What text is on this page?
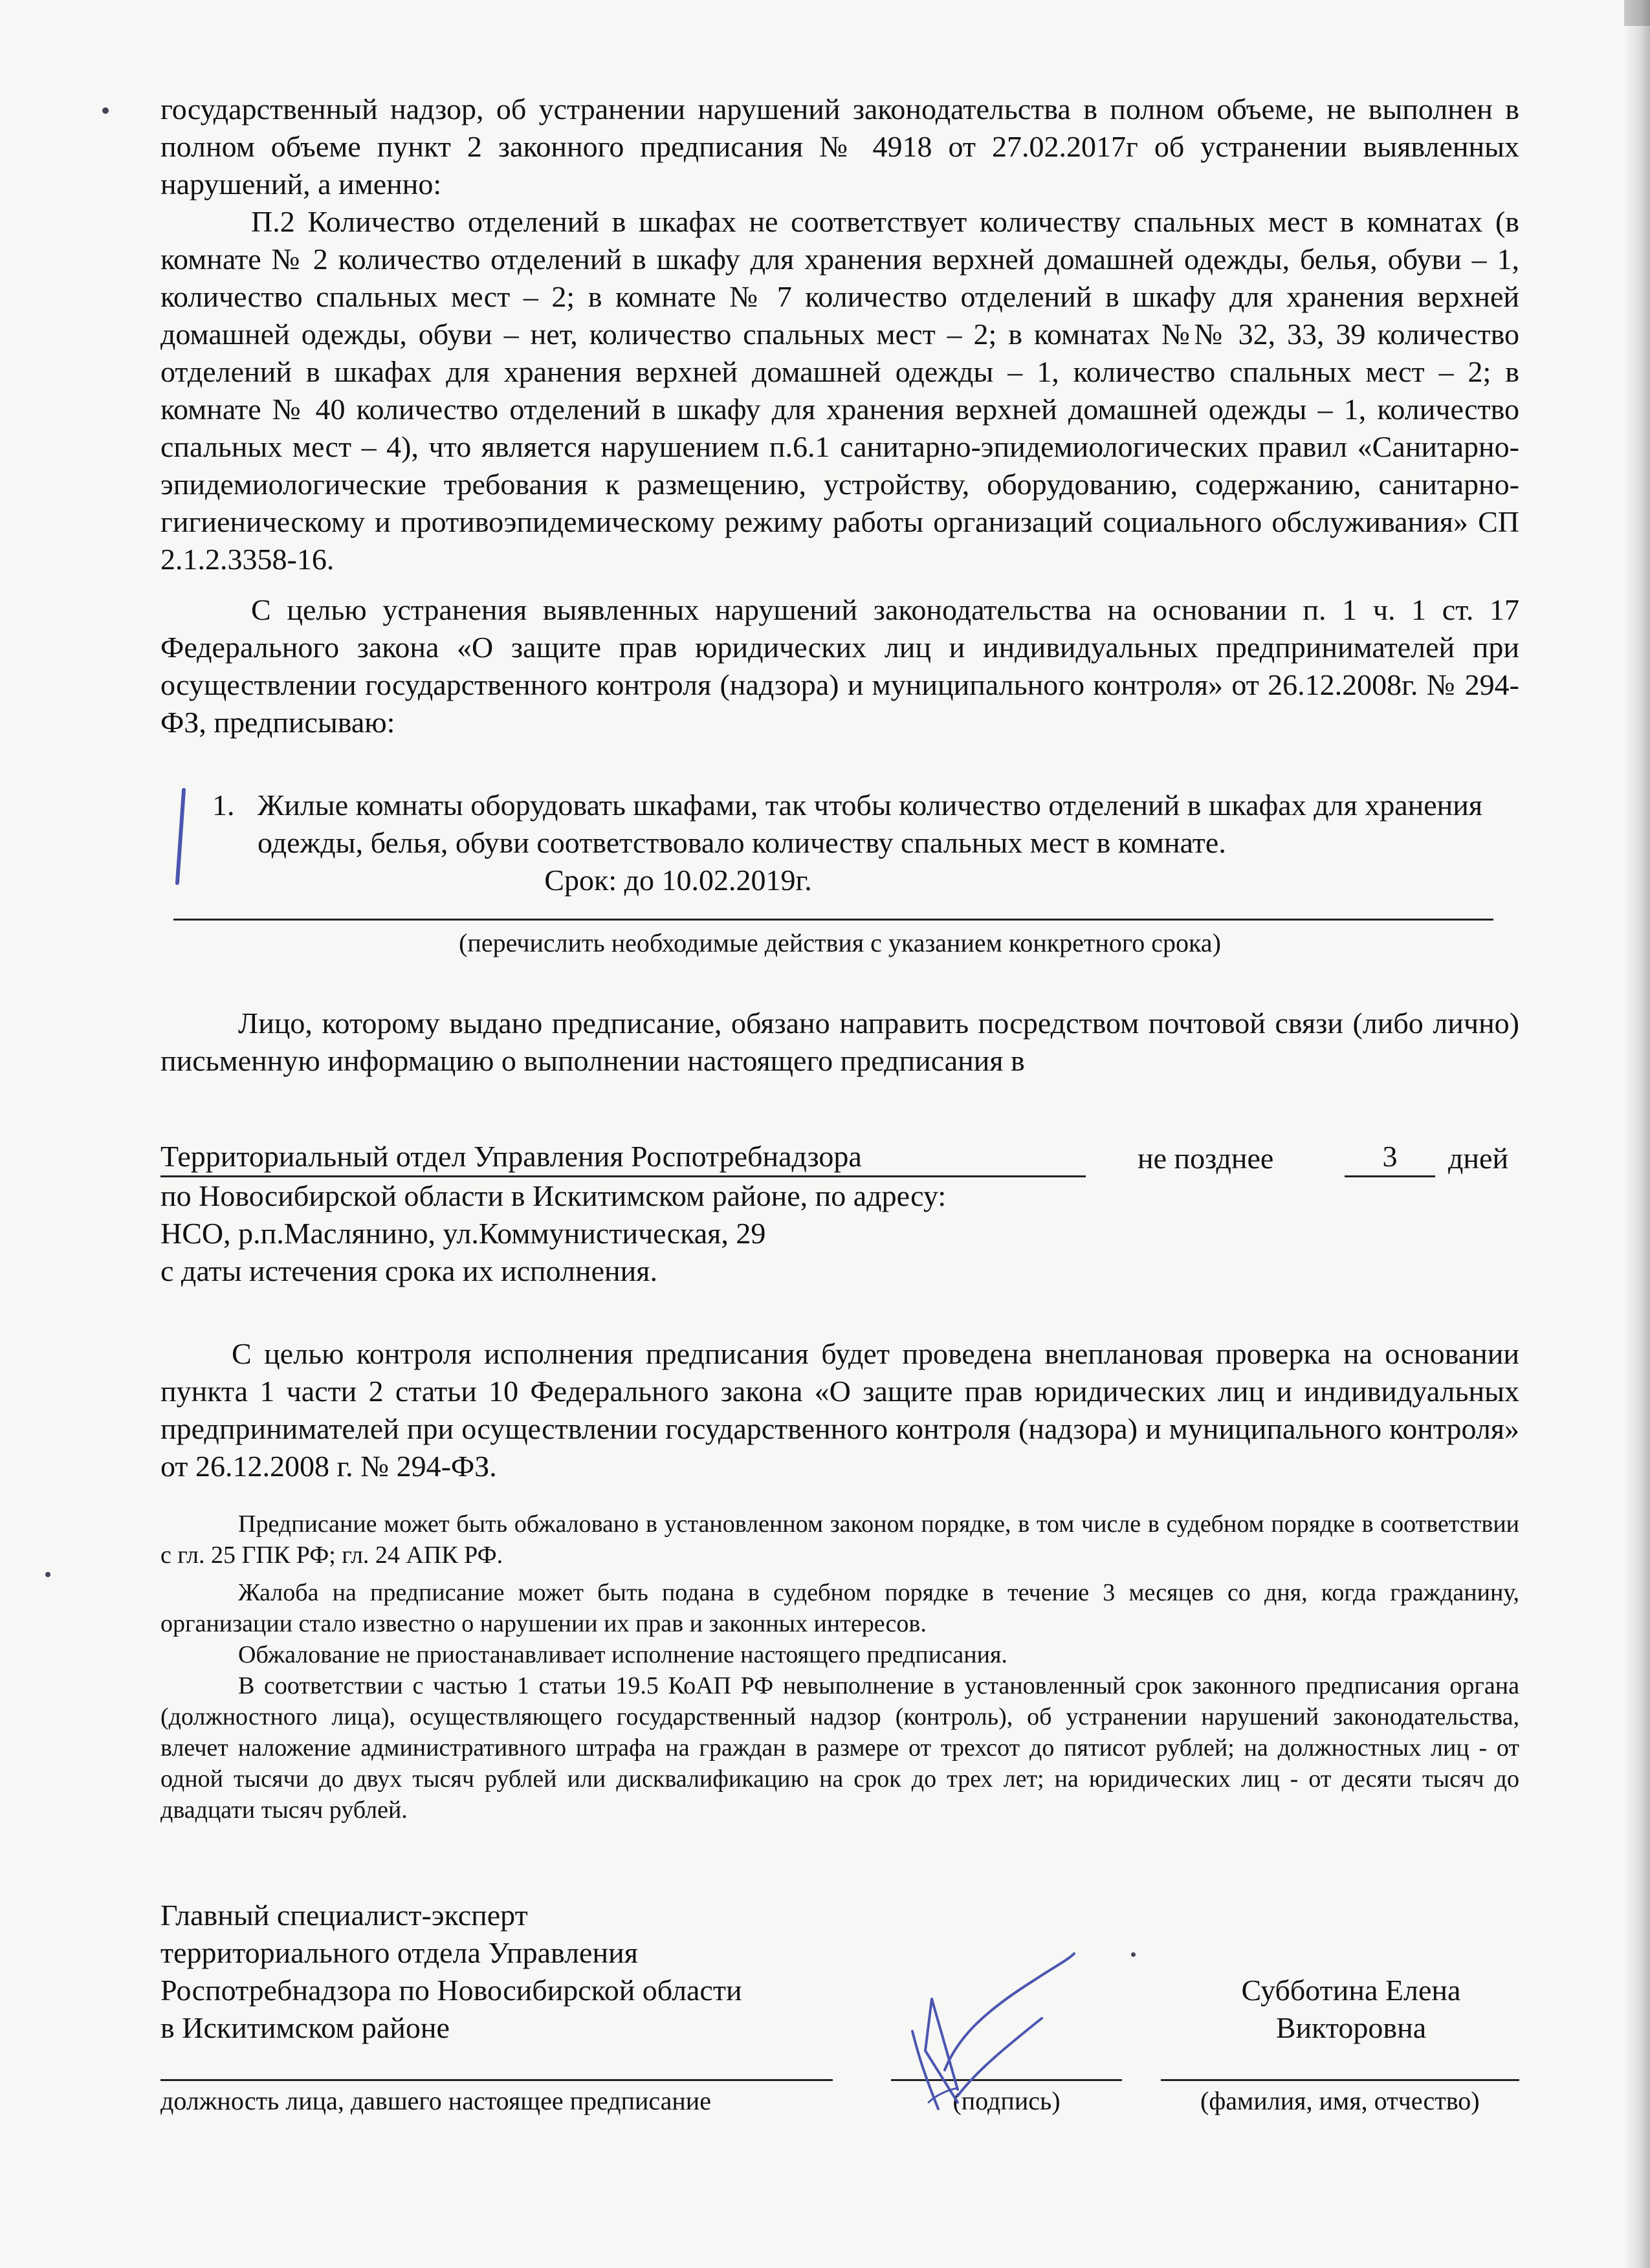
государственный надзор, об устранении нарушений законодательства в полном объеме, не выполнен в полном объеме пункт 2 законного предписания № 4918 от 27.02.2017г об устранении выявленных нарушений, а именно:

П.2 Количество отделений в шкафах не соответствует количеству спальных мест в комнатах (в комнате № 2 количество отделений в шкафу для хранения верхней домашней одежды, белья, обуви – 1, количество спальных мест – 2; в комнате № 7 количество отделений в шкафу для хранения верхней домашней одежды, обуви – нет, количество спальных мест – 2; в комнатах №№ 32, 33, 39 количество отделений в шкафах для хранения верхней домашней одежды – 1, количество спальных мест – 2; в комнате № 40 количество отделений в шкафу для хранения верхней домашней одежды – 1, количество спальных мест – 4), что является нарушением п.6.1 санитарно-эпидемиологических правил «Санитарно-эпидемиологические требования к размещению, устройству, оборудованию, содержанию, санитарно-гигиеническому и противоэпидемическому режиму работы организаций социального обслуживания» СП 2.1.2.3358-16.

С целью устранения выявленных нарушений законодательства на основании п. 1 ч. 1 ст. 17 Федерального закона «О защите прав юридических лиц и индивидуальных предпринимателей при осуществлении государственного контроля (надзора) и муниципального контроля» от 26.12.2008г. № 294-ФЗ, предписываю:

1. Жилые комнаты оборудовать шкафами, так чтобы количество отделений в шкафах для хранения одежды, белья, обуви соответствовало количеству спальных мест в комнате.

Срок: до 10.02.2019г.

(перечислить необходимые действия с указанием конкретного срока)

Лицо, которому выдано предписание, обязано направить посредством почтовой связи (либо лично) письменную информацию о выполнении настоящего предписания в

Территориальный отдел Управления Роспотребнадзора	не позднее	3	дней

по Новосибирской области в Искитимском районе, по адресу:

НСО, р.п.Маслянино, ул.Коммунистическая, 29

с даты истечения срока их исполнения.

С целью контроля исполнения предписания будет проведена внеплановая проверка на основании пункта 1 части 2 статьи 10 Федерального закона «О защите прав юридических лиц и индивидуальных предпринимателей при осуществлении государственного контроля (надзора) и муниципального контроля» от 26.12.2008 г. № 294-ФЗ.

Предписание может быть обжаловано в установленном законом порядке, в том числе в судебном порядке в соответствии с гл. 25 ГПК РФ; гл. 24 АПК РФ.

Жалоба на предписание может быть подана в судебном порядке в течение 3 месяцев со дня, когда гражданину, организации стало известно о нарушении их прав и законных интересов.

Обжалование не приостанавливает исполнение настоящего предписания.

В соответствии с частью 1 статьи 19.5 КоАП РФ невыполнение в установленный срок законного предписания органа (должностного лица), осуществляющего государственный надзор (контроль), об устранении нарушений законодательства, влечет наложение административного штрафа на граждан в размере от трехсот до пятисот рублей; на должностных лиц - от одной тысячи до двух тысяч рублей или дисквалификацию на срок до трех лет; на юридических лиц - от десяти тысяч до двадцати тысяч рублей.

Главный специалист-эксперт

территориального отдела Управления

Роспотребнадзора по Новосибирской области

в Искитимском районе

Субботина Елена

Викторовна

должность лица, давшего настоящее предписание	(подпись)	(фамилия, имя, отчество)
